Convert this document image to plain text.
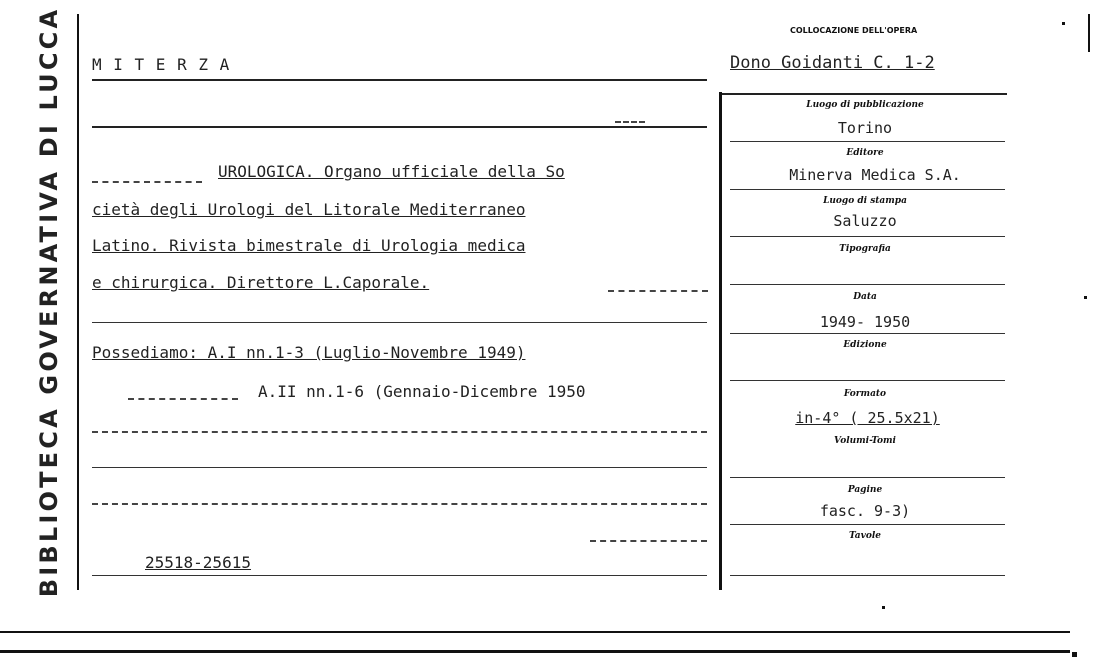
BIBLIOTECA GOVERNATIVA DI LUCCA	COLLOCAZIONE DELL'OPERA
Dono Goidanti C. 1-2
M I T E R Z A
UROLOGICA. Organo ufficiale della So
cietà degli Urologi del Litorale Mediterraneo
Latino. Rivista bimestrale di Urologia medica
e chirurgica. Direttore L.Caporale.
Possediamo: A.I nn.1-3 (Luglio-Novembre 1949)
A.II nn.1-6 (Gennaio-Dicembre 1950
25518-25615
Luogo di pubblicazione
Torino
Editore
Minerva Medica S.A.
Luogo di stampa
Saluzzo
Tipografia
Data
1949- 1950
Edizione
Formato
in-4° ( 25.5x21)
Volumi-Tomi
Pagine
fasc. 9-3)
Tavole
